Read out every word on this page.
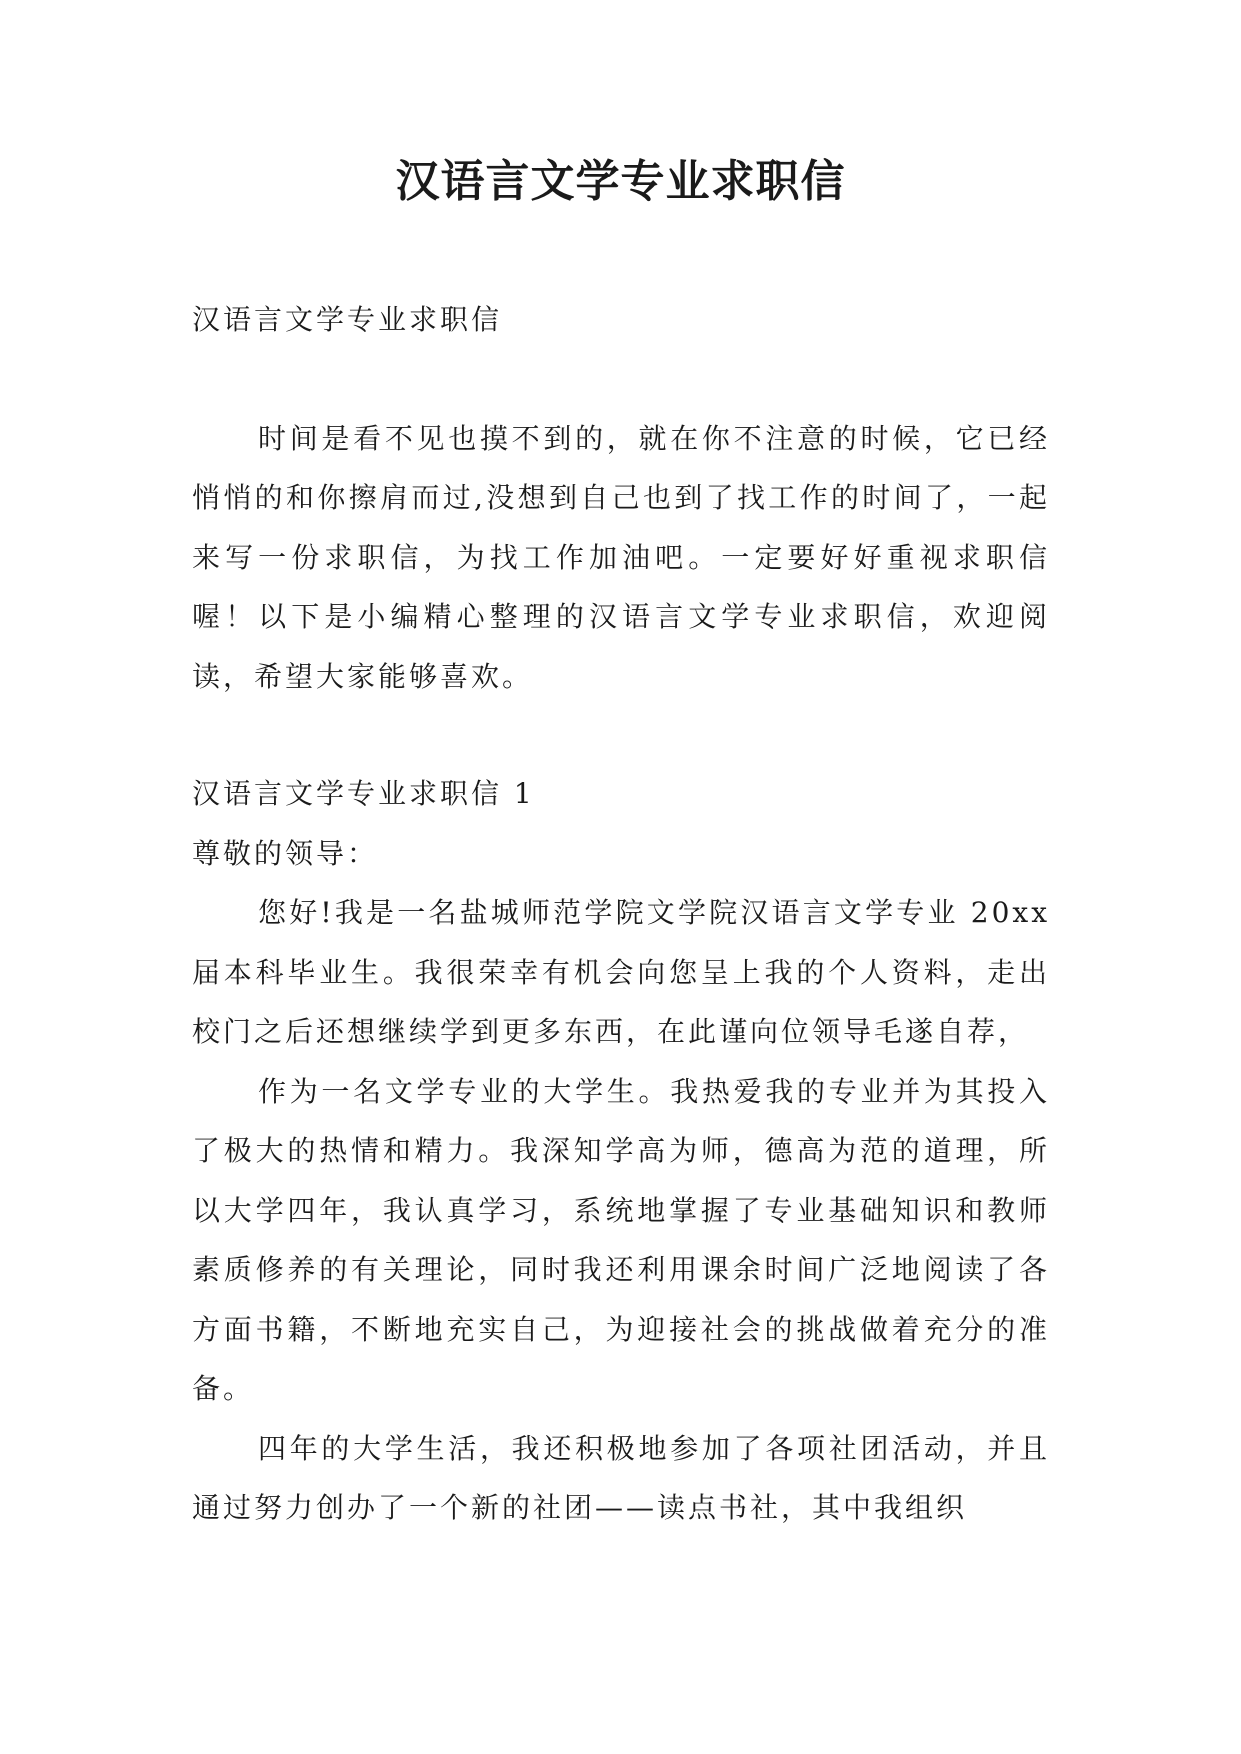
汉语言文学专业求职信

汉语言文学专业求职信

时间是看不见也摸不到的，就在你不注意的时候，它已经悄悄的和你擦肩而过,没想到自己也到了找工作的时间了，一起来写一份求职信，为找工作加油吧。一定要好好重视求职信喔！以下是小编精心整理的汉语言文学专业求职信，欢迎阅读，希望大家能够喜欢。

汉语言文学专业求职信 1

尊敬的领导：

您好!我是一名盐城师范学院文学院汉语言文学专业 20xx届本科毕业生。我很荣幸有机会向您呈上我的个人资料，走出校门之后还想继续学到更多东西，在此谨向位领导毛遂自荐，

作为一名文学专业的大学生。我热爱我的专业并为其投入了极大的热情和精力。我深知学高为师，德高为范的道理，所以大学四年，我认真学习，系统地掌握了专业基础知识和教师素质修养的有关理论，同时我还利用课余时间广泛地阅读了各方面书籍，不断地充实自己，为迎接社会的挑战做着充分的准备。

四年的大学生活，我还积极地参加了各项社团活动，并且通过努力创办了一个新的社团——读点书社，其中我组织
